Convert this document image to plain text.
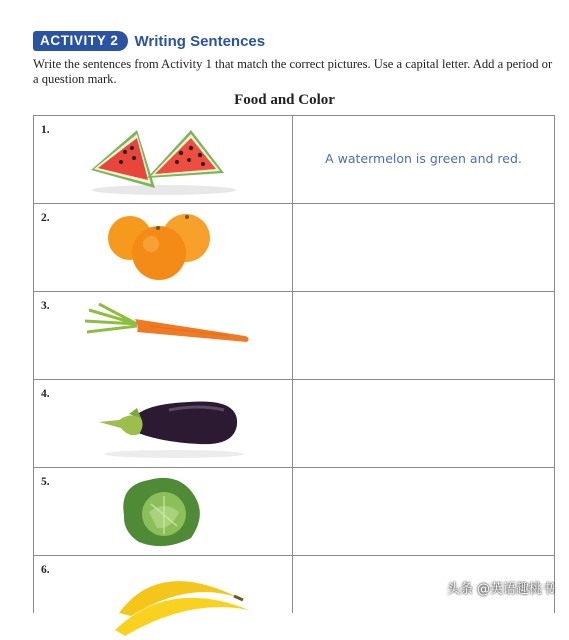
ACTIVITY 2	Writing Sentences
Write the sentences from Activity 1 that match the correct pictures. Use a capital letter. Add a period or a question mark.
Food and Color
1.
A watermelon is green and red.
2.
3.
4.
5.
6.
头条 @英语趣桃书
